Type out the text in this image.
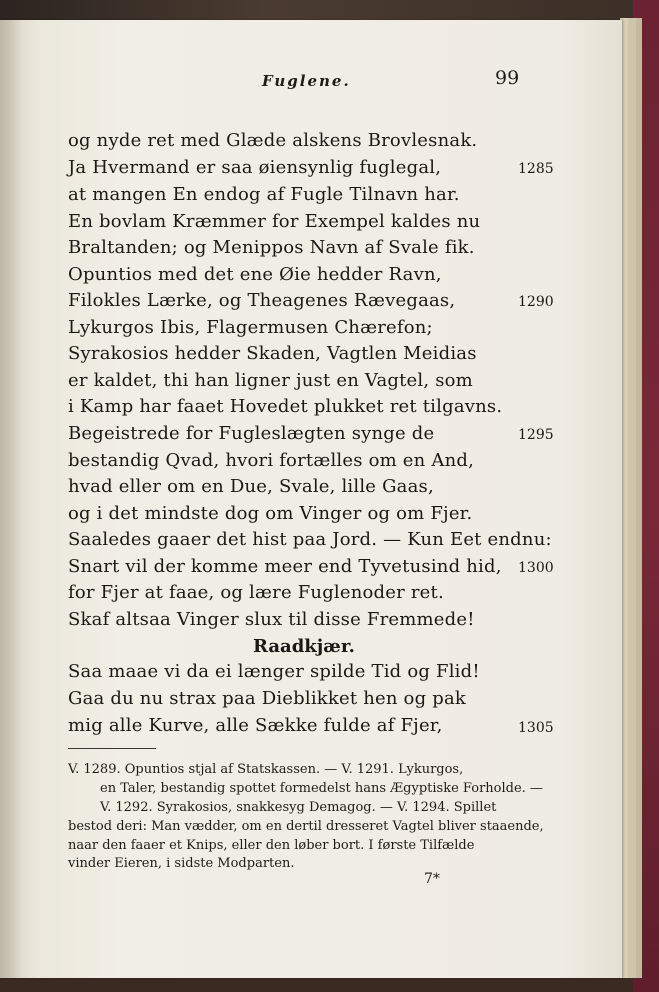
Fuglene.	99
og nyde ret med Glæde alskens Brovlesnak.
Ja Hvermand er saa øiensynlig fuglegal,	1285
at mangen En endog af Fugle Tilnavn har.
En bovlam Kræmmer for Exempel kaldes nu
Braltanden; og Menippos Navn af Svale fik.
Opuntios med det ene Øie hedder Ravn,
Filokles Lærke, og Theagenes Rævegaas,	1290
Lykurgos Ibis, Flagermusen Chærefon;
Syrakosios hedder Skaden, Vagtlen Meidias
er kaldet, thi han ligner just en Vagtel, som
i Kamp har faaet Hovedet plukket ret tilgavns.
Begeistrede for Fugleslægten synge de	1295
bestandig Qvad, hvori fortælles om en And,
hvad eller om en Due, Svale, lille Gaas,
og i det mindste dog om Vinger og om Fjer.
Saaledes gaaer det hist paa Jord. — Kun Eet endnu:
Snart vil der komme meer end Tyvetusind hid, 1300
for Fjer at faae, og lære Fuglenoder ret.
Skaf altsaa Vinger slux til disse Fremmede!
Raadkjær.
Saa maae vi da ei længer spilde Tid og Flid!
Gaa du nu strax paa Dieblikket hen og pak
mig alle Kurve, alle Sække fulde af Fjer,	1305
V. 1289. Opuntios stjal af Statskassen. — V. 1291. Lykurgos,
en Taler, bestandig spottet formedelst hans Ægyptiske Forholde. —
V. 1292. Syrakosios, snakkesyg Demagog. — V. 1294. Spillet
bestod deri: Man vædder, om en dertil dresseret Vagtel bliver staaende,
naar den faaer et Knips, eller den løber bort. I første Tilfælde
vinder Eieren, i sidste Modparten.
7*
